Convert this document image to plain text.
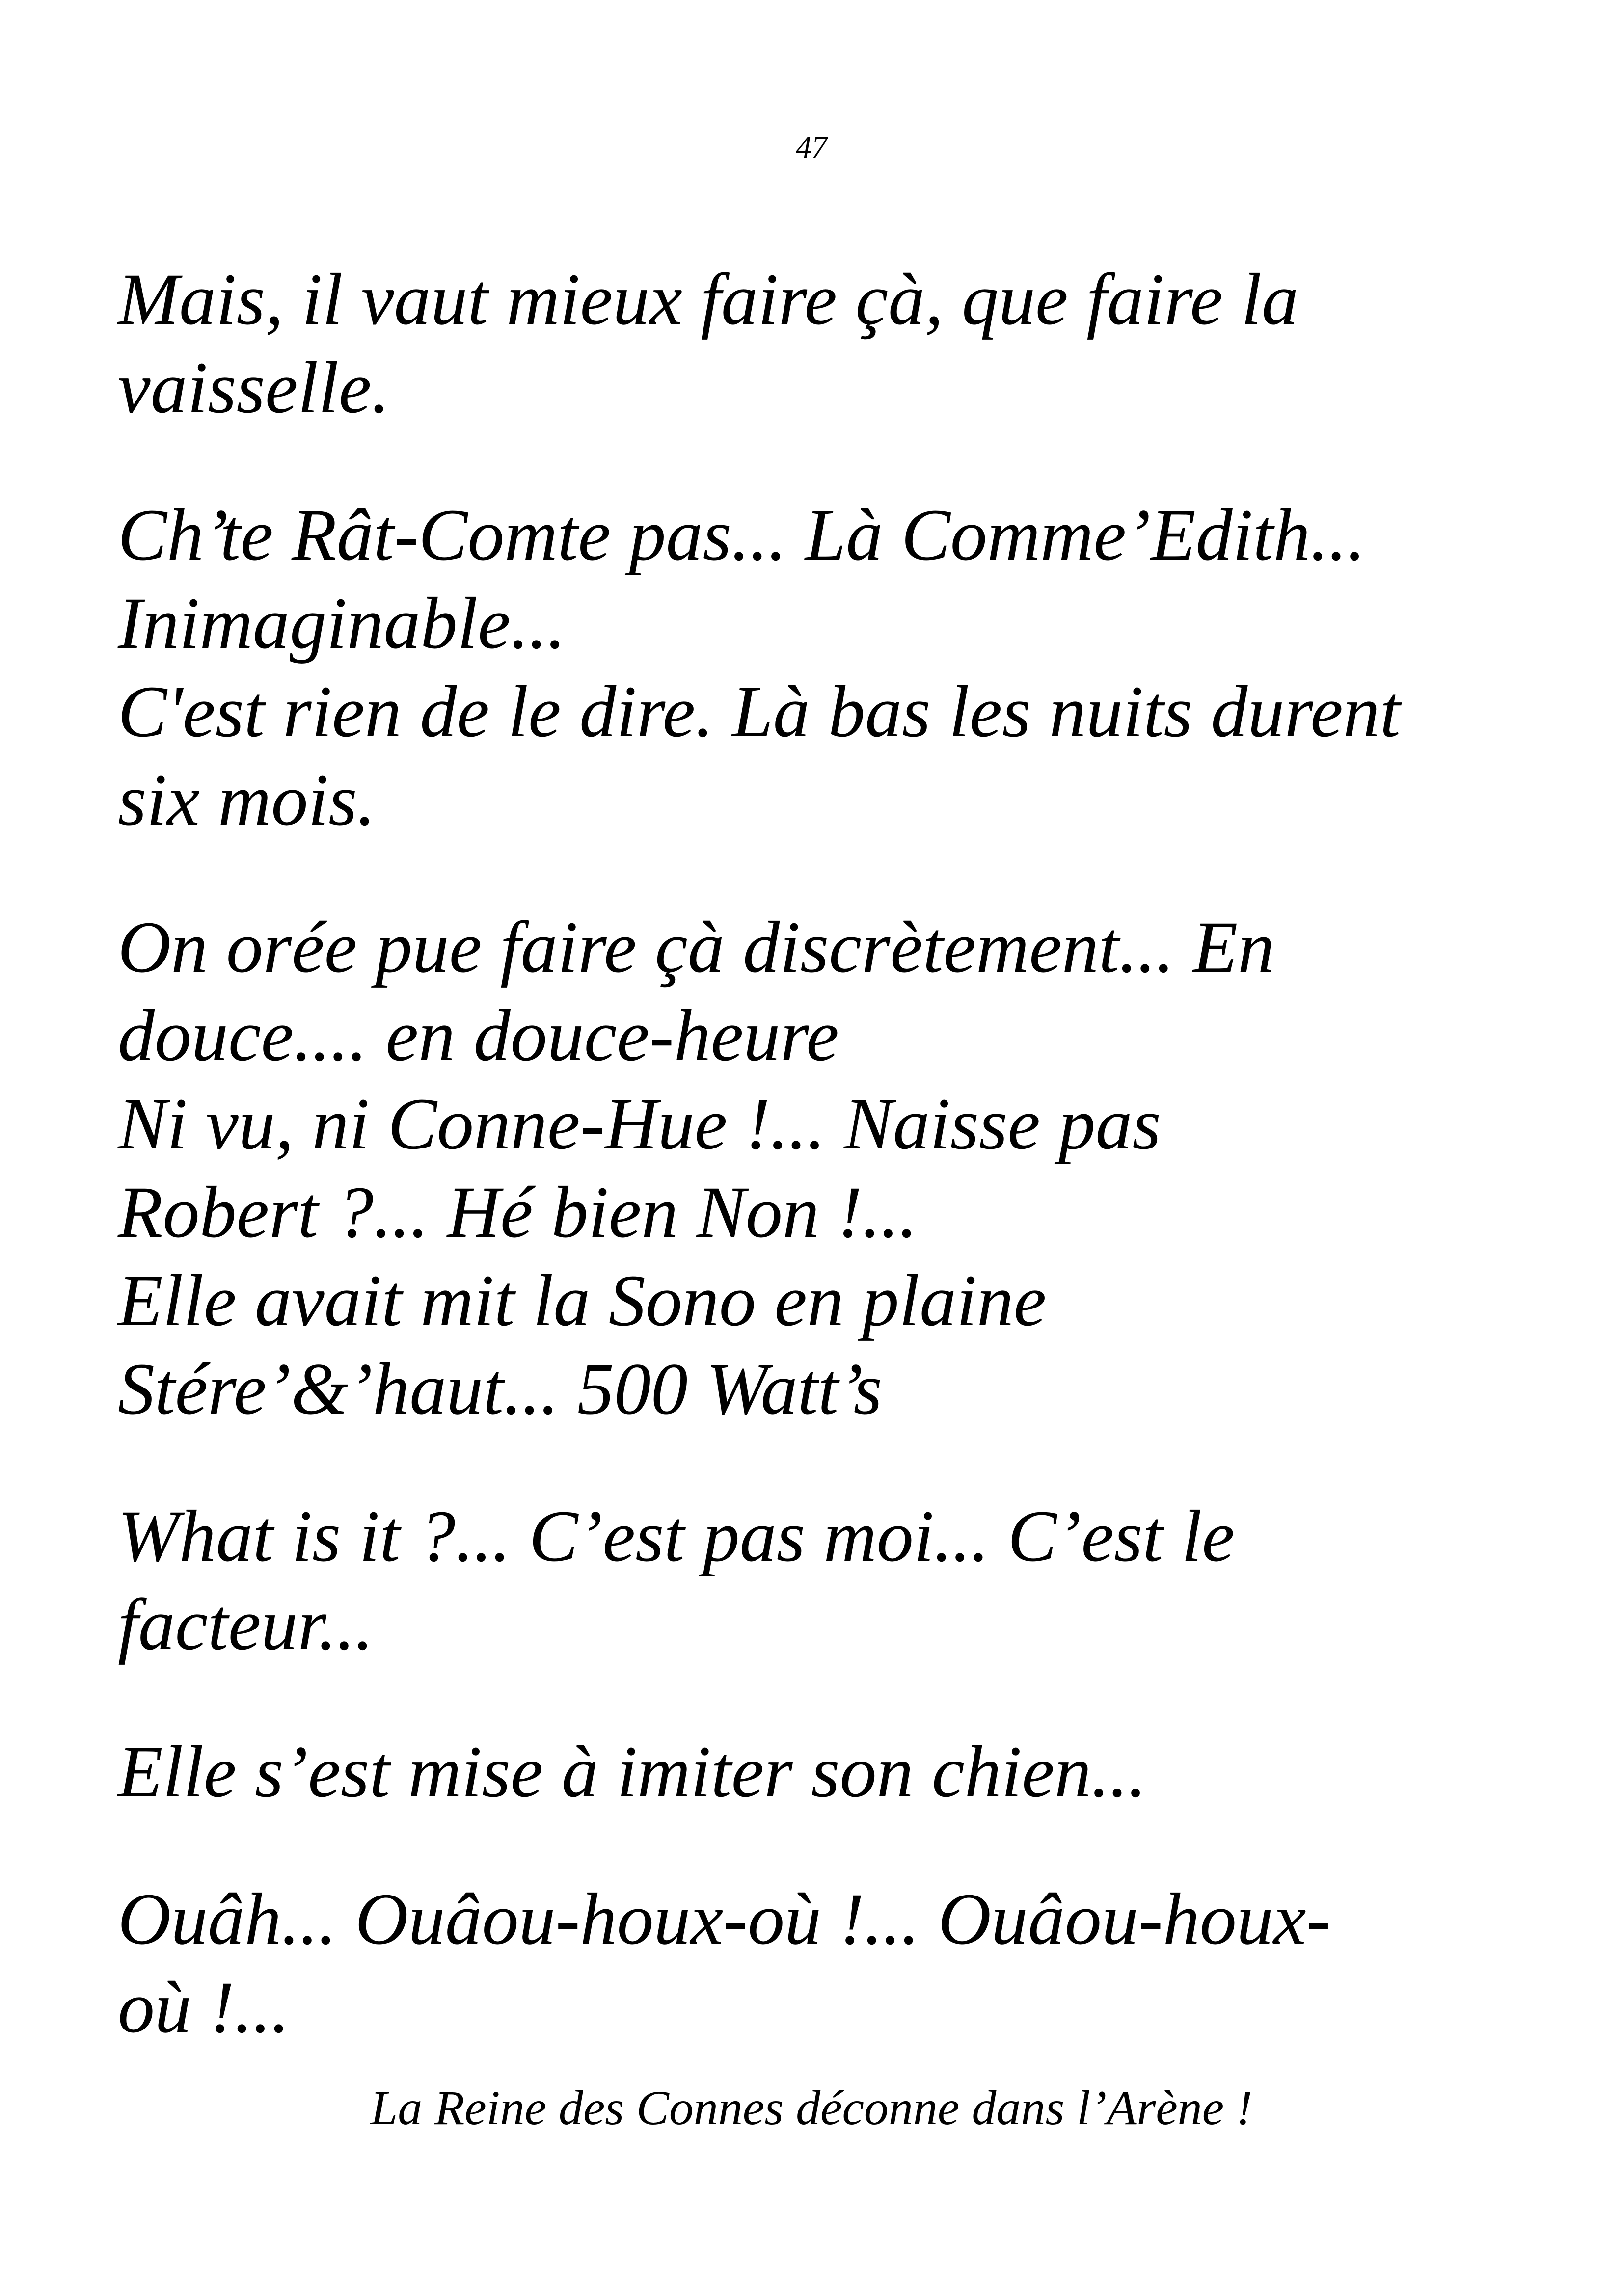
47

Mais, il vaut mieux faire çà, que faire la
vaisselle.

Ch’te Rât-Comte pas... Là Comme’Edith...
Inimaginable...
C'est rien de le dire. Là bas les nuits durent
six mois.

On orée pue faire çà discrètement... En
douce.... en douce-heure
Ni vu, ni Conne-Hue !... Naisse pas
Robert ?... Hé bien Non !...
Elle avait mit la Sono en plaine
Stére’&’haut... 500 Watt’s

What is it ?... C’est pas moi... C’est le
facteur...

Elle s’est mise à imiter son chien...

Ouâh... Ouâou-houx-où !... Ouâou-houx-
où !...

La Reine des Connes déconne dans l’Arène !
